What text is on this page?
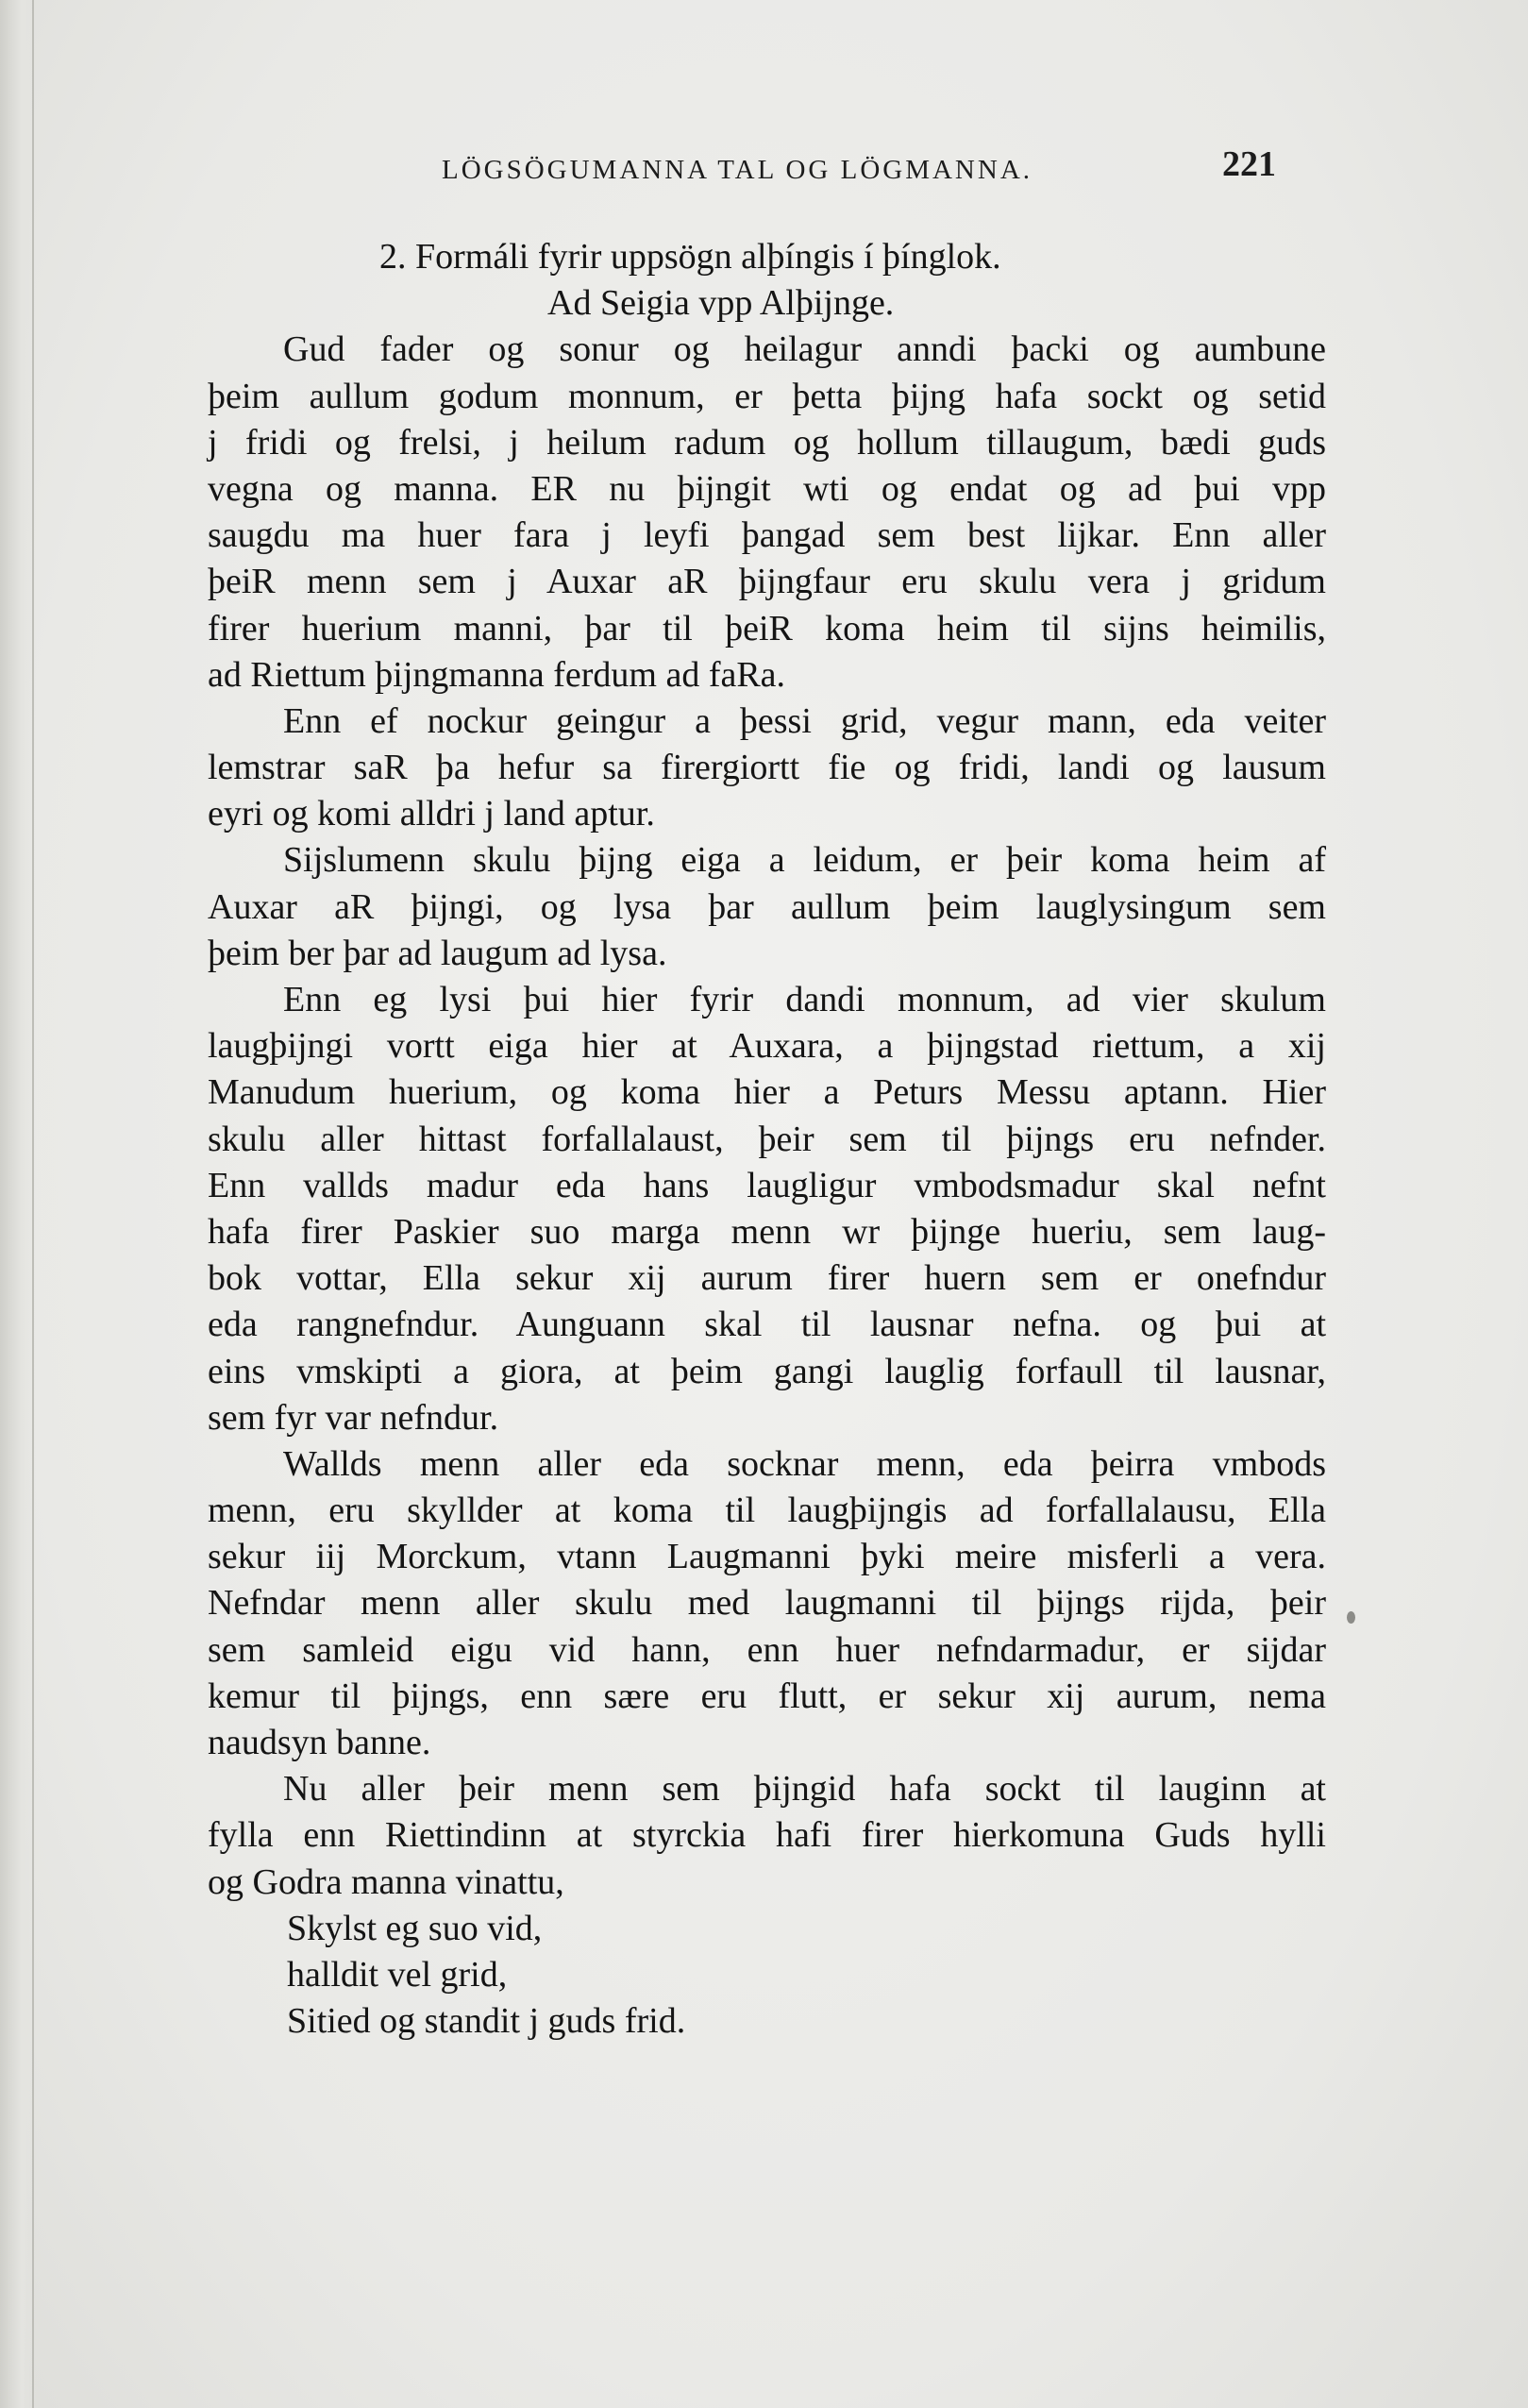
LÖGSÖGUMANNA TAL OG LÖGMANNA.	221
2. Formáli fyrir uppsögn alþíngis í þínglok.
Ad Seigia vpp Alþijnge.
Gud fader og sonur og heilagur anndi þacki og aumbune
þeim aullum godum monnum, er þetta þijng hafa sockt og setid
j fridi og frelsi, j heilum radum og hollum tillaugum, bædi guds
vegna og manna. ER nu þijngit wti og endat og ad þui vpp
saugdu ma huer fara j leyfi þangad sem best lijkar. Enn aller
þeiR menn sem j Auxar aR þijngfaur eru skulu vera j gridum
firer huerium manni, þar til þeiR koma heim til sijns heimilis,
ad Riettum þijngmanna ferdum ad faRa.
Enn ef nockur geingur a þessi grid, vegur mann, eda veiter
lemstrar saR þa hefur sa firergiortt fie og fridi, landi og lausum
eyri og komi alldri j land aptur.
Sijslumenn skulu þijng eiga a leidum, er þeir koma heim af
Auxar aR þijngi, og lysa þar aullum þeim lauglysingum sem
þeim ber þar ad laugum ad lysa.
Enn eg lysi þui hier fyrir dandi monnum, ad vier skulum
laugþijngi vortt eiga hier at Auxara, a þijngstad riettum, a xij
Manudum huerium, og koma hier a Peturs Messu aptann. Hier
skulu aller hittast forfallalaust, þeir sem til þijngs eru nefnder.
Enn vallds madur eda hans laugligur vmbodsmadur skal nefnt
hafa firer Paskier suo marga menn wr þijnge hueriu, sem laug-
bok vottar, Ella sekur xij aurum firer huern sem er onefndur
eda rangnefndur. Aunguann skal til lausnar nefna. og þui at
eins vmskipti a giora, at þeim gangi lauglig forfaull til lausnar,
sem fyr var nefndur.
Wallds menn aller eda socknar menn, eda þeirra vmbods
menn, eru skyllder at koma til laugþijngis ad forfallalausu, Ella
sekur iij Morckum, vtann Laugmanni þyki meire misferli a vera.
Nefndar menn aller skulu med laugmanni til þijngs rijda, þeir
sem samleid eigu vid hann, enn huer nefndarmadur, er sijdar
kemur til þijngs, enn sære eru flutt, er sekur xij aurum, nema
naudsyn banne.
Nu aller þeir menn sem þijngid hafa sockt til lauginn at
fylla enn Riettindinn at styrckia hafi firer hierkomuna Guds hylli
og Godra manna vinattu,
Skylst eg suo vid,
halldit vel grid,
Sitied og standit j guds frid.
